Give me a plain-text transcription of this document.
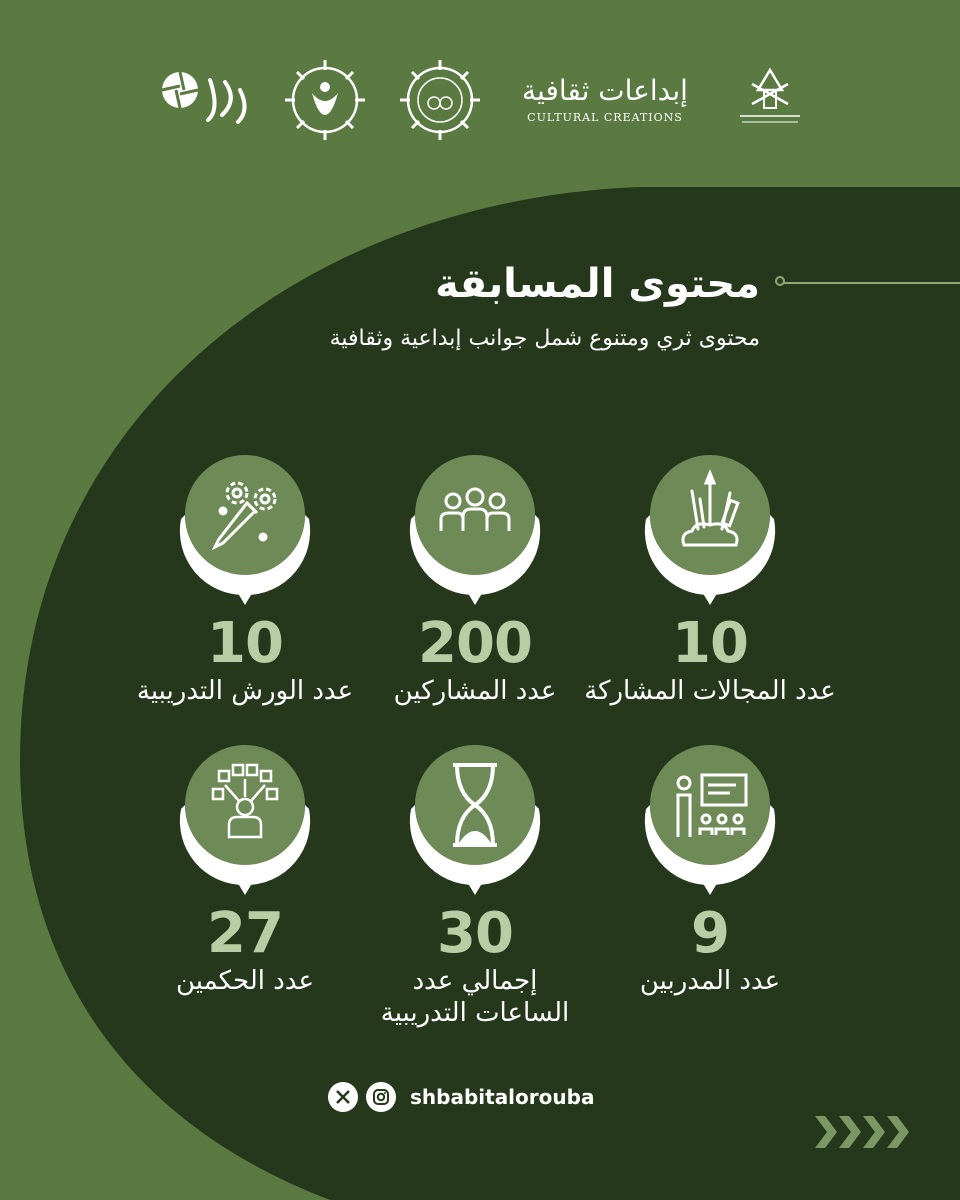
إبداعات ثقافية
CULTURAL CREATIONS
محتوى المسابقة
محتوى ثري ومتنوع شمل جوانب إبداعية وثقافية
10
عدد المجالات المشاركة
200
عدد المشاركين
10
عدد الورش التدريبية
9
عدد المدربين
30
إجمالي عدد
الساعات التدريبية
27
عدد الحكمين
shbabitalorouba
